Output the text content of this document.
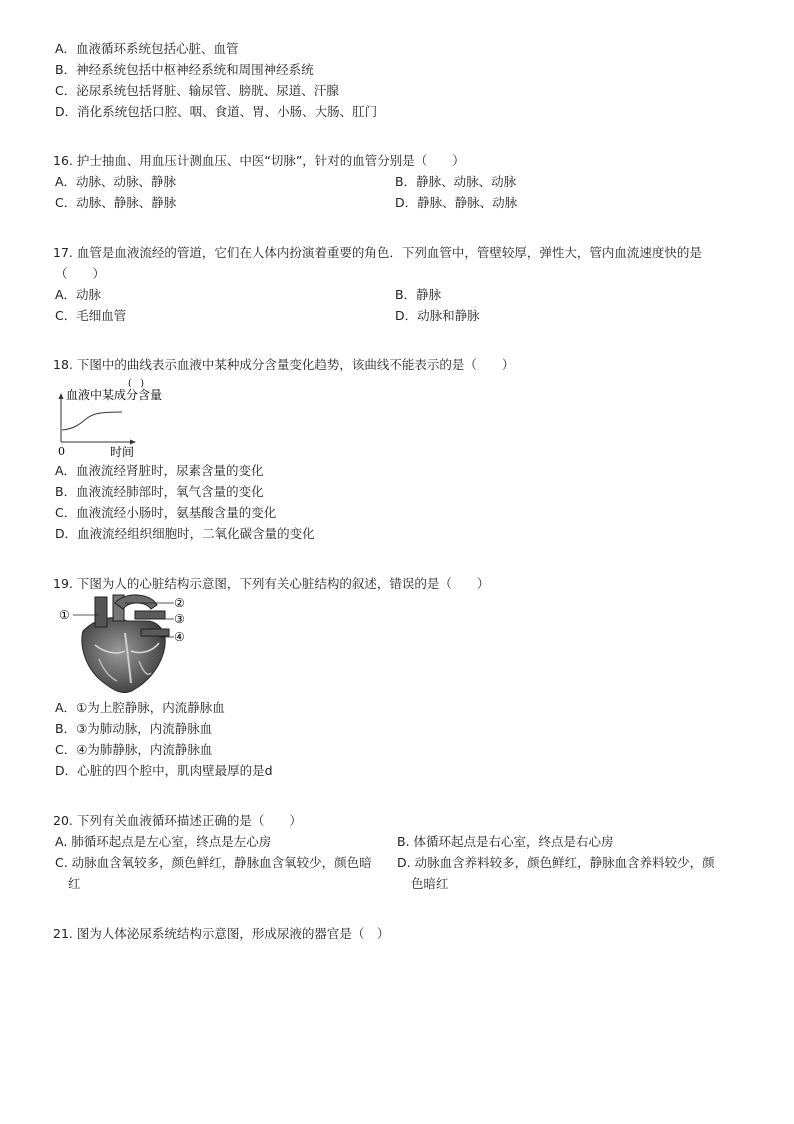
A．血液循环系统包括心脏、血管
B．神经系统包括中枢神经系统和周围神经系统
C．泌尿系统包括肾脏、输尿管、膀胱、尿道、汗腺
D．消化系统包括口腔、咽、食道、胃、小肠、大肠、肛门
16. 护士抽血、用血压计测血压、中医“切脉”，针对的血管分别是（　　）
A．动脉、动脉、静脉	B．静脉、动脉、动脉
C．动脉、静脉、静脉	D．静脉、静脉、动脉
17. 血管是血液流经的管道，它们在人体内扮演着重要的角色．下列血管中，管壁较厚，弹性大，管内血流速度快的是
（　　）
A．动脉	B．静脉
C．毛细血管	D．动脉和静脉
18. 下图中的曲线表示血液中某种成分含量变化趋势，该曲线不能表示的是（　　）
(　)
血液中某成分含量
0	时间
A．血液流经肾脏时，尿素含量的变化
B．血液流经肺部时，氧气含量的变化
C．血液流经小肠时，氨基酸含量的变化
D．血液流经组织细胞时，二氧化碳含量的变化
19. 下图为人的心脏结构示意图，下列有关心脏结构的叙述，错误的是（　　）
①
②
③
④
A．①为上腔静脉，内流静脉血
B．③为肺动脉，内流静脉血
C．④为肺静脉，内流静脉血
D．心脏的四个腔中，肌肉壁最厚的是d
20. 下列有关血液循环描述正确的是（　　）
A. 肺循环起点是左心室，终点是左心房	B. 体循环起点是右心室，终点是右心房
C. 动脉血含氧较多，颜色鲜红，静脉血含氧较少，颜色暗
红
D. 动脉血含养料较多，颜色鲜红，静脉血含养料较少，颜
色暗红
21. 图为人体泌尿系统结构示意图，形成尿液的器官是（　）
